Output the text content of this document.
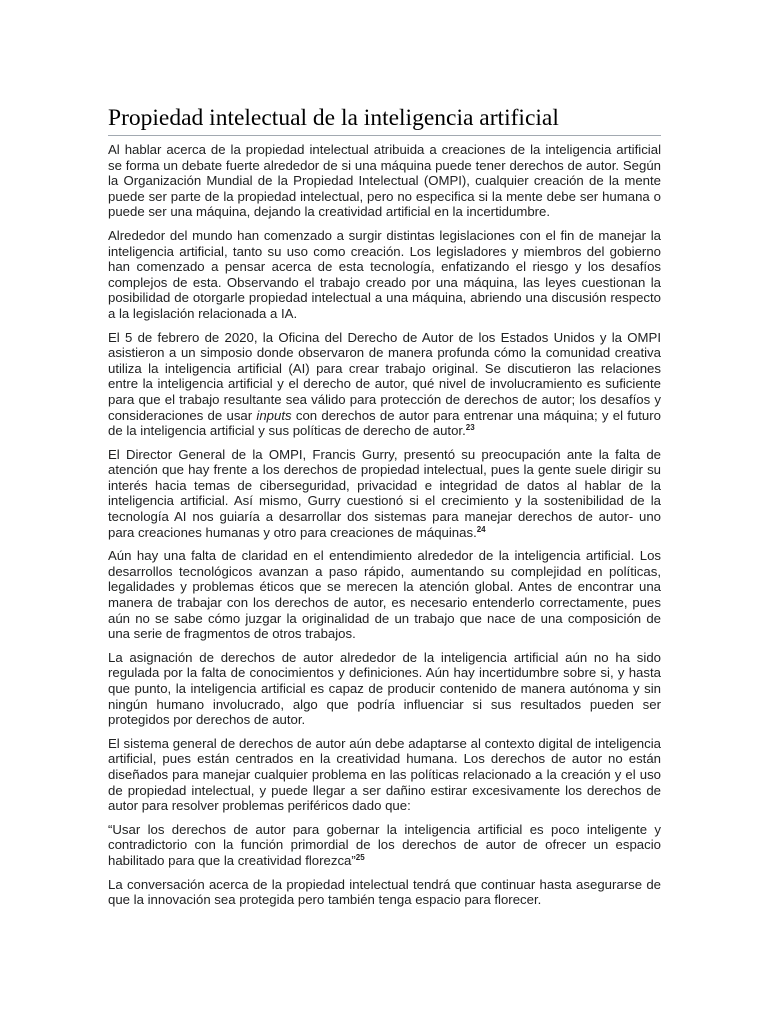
Propiedad intelectual de la inteligencia artificial

Al hablar acerca de la propiedad intelectual atribuida a creaciones de la inteligencia artificial se forma un debate fuerte alrededor de si una máquina puede tener derechos de autor. Según la Organización Mundial de la Propiedad Intelectual (OMPI), cualquier creación de la mente puede ser parte de la propiedad intelectual, pero no especifica si la mente debe ser humana o puede ser una máquina, dejando la creatividad artificial en la incertidumbre.

Alrededor del mundo han comenzado a surgir distintas legislaciones con el fin de manejar la inteligencia artificial, tanto su uso como creación. Los legisladores y miembros del gobierno han comenzado a pensar acerca de esta tecnología, enfatizando el riesgo y los desafíos complejos de esta. Observando el trabajo creado por una máquina, las leyes cuestionan la posibilidad de otorgarle propiedad intelectual a una máquina, abriendo una discusión respecto a la legislación relacionada a IA.

El 5 de febrero de 2020, la Oficina del Derecho de Autor de los Estados Unidos y la OMPI asistieron a un simposio donde observaron de manera profunda cómo la comunidad creativa utiliza la inteligencia artificial (AI) para crear trabajo original. Se discutieron las relaciones entre la inteligencia artificial y el derecho de autor, qué nivel de involucramiento es suficiente para que el trabajo resultante sea válido para protección de derechos de autor; los desafíos y consideraciones de usar inputs con derechos de autor para entrenar una máquina; y el futuro de la inteligencia artificial y sus políticas de derecho de autor.$^{23}$

El Director General de la OMPI, Francis Gurry, presentó su preocupación ante la falta de atención que hay frente a los derechos de propiedad intelectual, pues la gente suele dirigir su interés hacia temas de ciberseguridad, privacidad e integridad de datos al hablar de la inteligencia artificial. Así mismo, Gurry cuestionó si el crecimiento y la sostenibilidad de la tecnología AI nos guiaría a desarrollar dos sistemas para manejar derechos de autor- uno para creaciones humanas y otro para creaciones de máquinas.$^{24}$

Aún hay una falta de claridad en el entendimiento alrededor de la inteligencia artificial. Los desarrollos tecnológicos avanzan a paso rápido, aumentando su complejidad en políticas, legalidades y problemas éticos que se merecen la atención global. Antes de encontrar una manera de trabajar con los derechos de autor, es necesario entenderlo correctamente, pues aún no se sabe cómo juzgar la originalidad de un trabajo que nace de una composición de una serie de fragmentos de otros trabajos.

La asignación de derechos de autor alrededor de la inteligencia artificial aún no ha sido regulada por la falta de conocimientos y definiciones. Aún hay incertidumbre sobre si, y hasta que punto, la inteligencia artificial es capaz de producir contenido de manera autónoma y sin ningún humano involucrado, algo que podría influenciar si sus resultados pueden ser protegidos por derechos de autor.

El sistema general de derechos de autor aún debe adaptarse al contexto digital de inteligencia artificial, pues están centrados en la creatividad humana. Los derechos de autor no están diseñados para manejar cualquier problema en las políticas relacionado a la creación y el uso de propiedad intelectual, y puede llegar a ser dañino estirar excesivamente los derechos de autor para resolver problemas periféricos dado que:

“Usar los derechos de autor para gobernar la inteligencia artificial es poco inteligente y contradictorio con la función primordial de los derechos de autor de ofrecer un espacio habilitado para que la creatividad florezca”$^{25}$

La conversación acerca de la propiedad intelectual tendrá que continuar hasta asegurarse de que la innovación sea protegida pero también tenga espacio para florecer.
